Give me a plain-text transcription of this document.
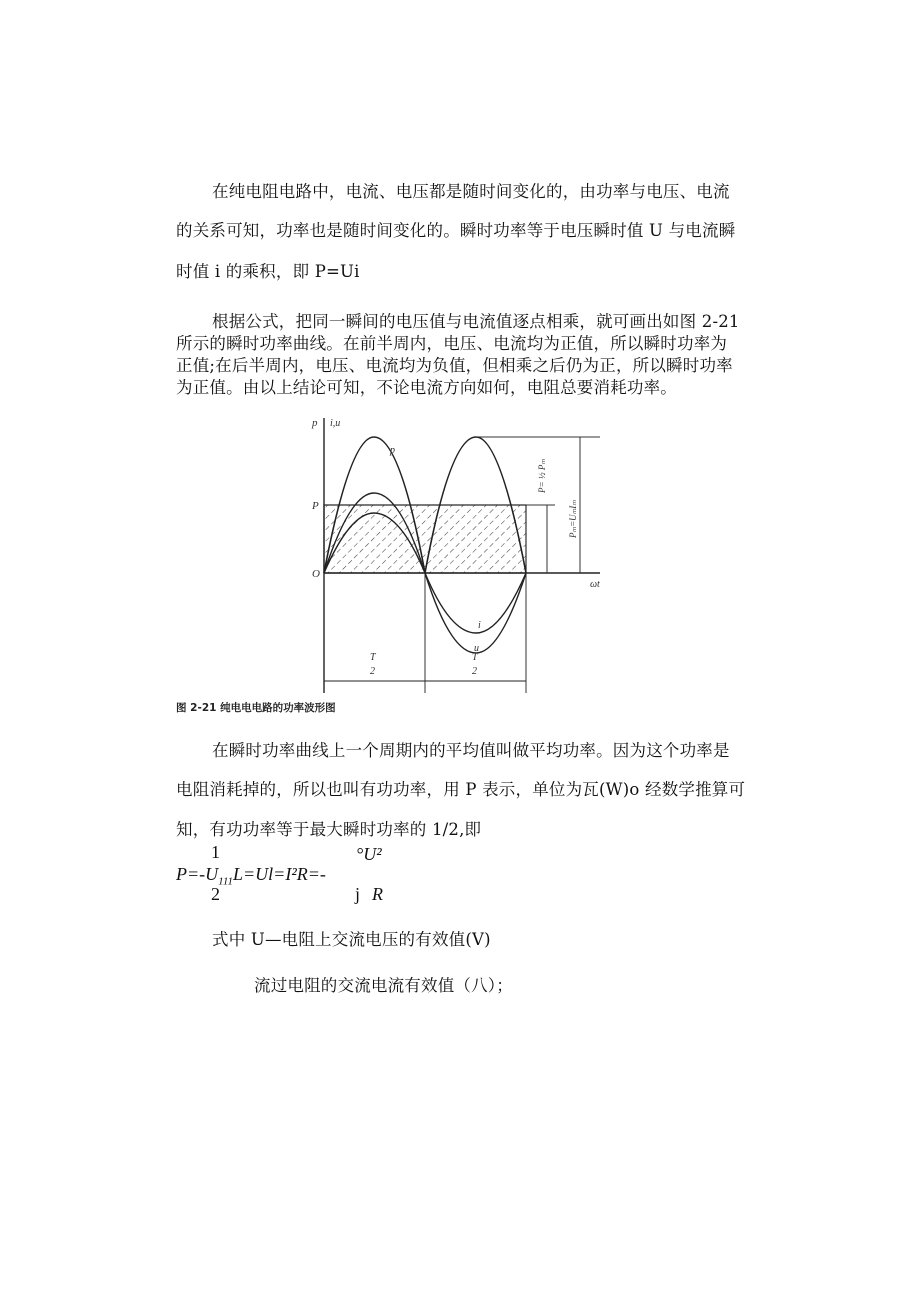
在纯电阻电路中，电流、电压都是随时间变化的，由功率与电压、电流
的关系可知，功率也是随时间变化的。瞬时功率等于电压瞬时值 U 与电流瞬
时值 i 的乘积，即 P=Ui
根据公式，把同一瞬间的电压值与电流值逐点相乘，就可画出如图 2-21
所示的瞬时功率曲线。在前半周内，电压、电流均为正值，所以瞬时功率为
正值;在后半周内，电压、电流均为负值，但相乘之后仍为正，所以瞬时功率
为正值。由以上结论可知，不论电流方向如何，电阻总要消耗功率。
p i,u
P
O
ωt
p
i
u
T
2
T
2
P= ½ Pₘ
Pₘ=UₘIₘ
图 2-21 纯电电电路的功率波形图
在瞬时功率曲线上一个周期内的平均值叫做平均功率。因为这个功率是
电阻消耗掉的，所以也叫有功功率，用 P 表示，单位为瓦(W)o 经数学推算可
知，有功功率等于最大瞬时功率的 1/2,即
1
$P=-U_{111}L=Ul=I^2R=-$
2
°U²
j R
式中 U—电阻上交流电压的有效值(V)
流过电阻的交流电流有效值（八）；
